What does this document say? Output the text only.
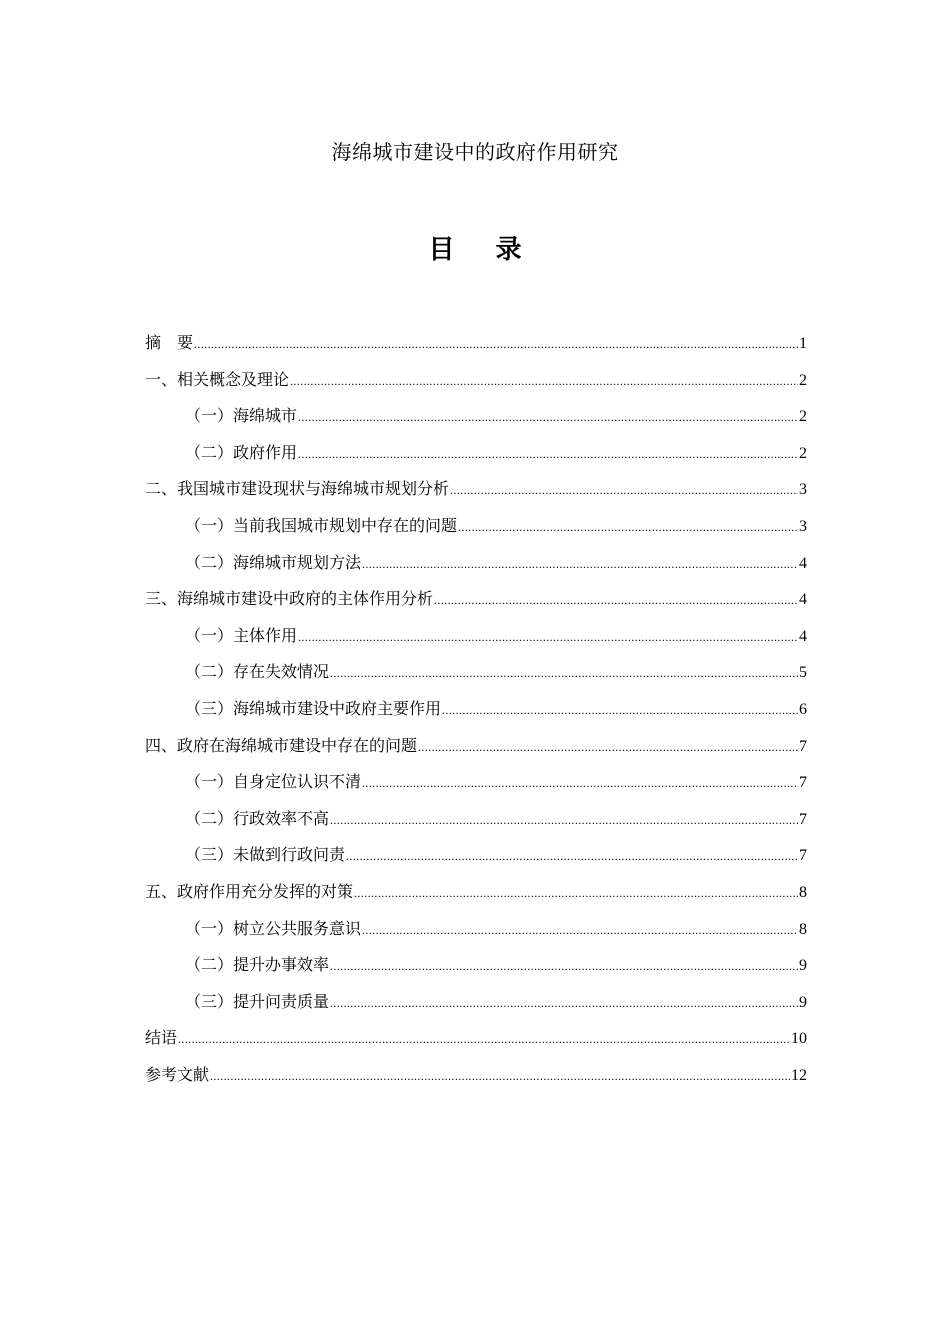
海绵城市建设中的政府作用研究
目 录
摘　要 .....	1
一、相关概念及理论 .....	2
（一）海绵城市 .....	2
（二）政府作用 .....	2
二、我国城市建设现状与海绵城市规划分析 .....	3
（一）当前我国城市规划中存在的问题 .....	3
（二）海绵城市规划方法 .....	4
三、海绵城市建设中政府的主体作用分析 .....	4
（一）主体作用 .....	4
（二）存在失效情况 .....	5
（三）海绵城市建设中政府主要作用 .....	6
四、政府在海绵城市建设中存在的问题 .....	7
（一）自身定位认识不清 .....	7
（二）行政效率不高 .....	7
（三）未做到行政问责 .....	7
五、政府作用充分发挥的对策 .....	8
（一）树立公共服务意识 .....	8
（二）提升办事效率 .....	9
（三）提升问责质量 .....	9
结语 .....	10
参考文献 .....	12
